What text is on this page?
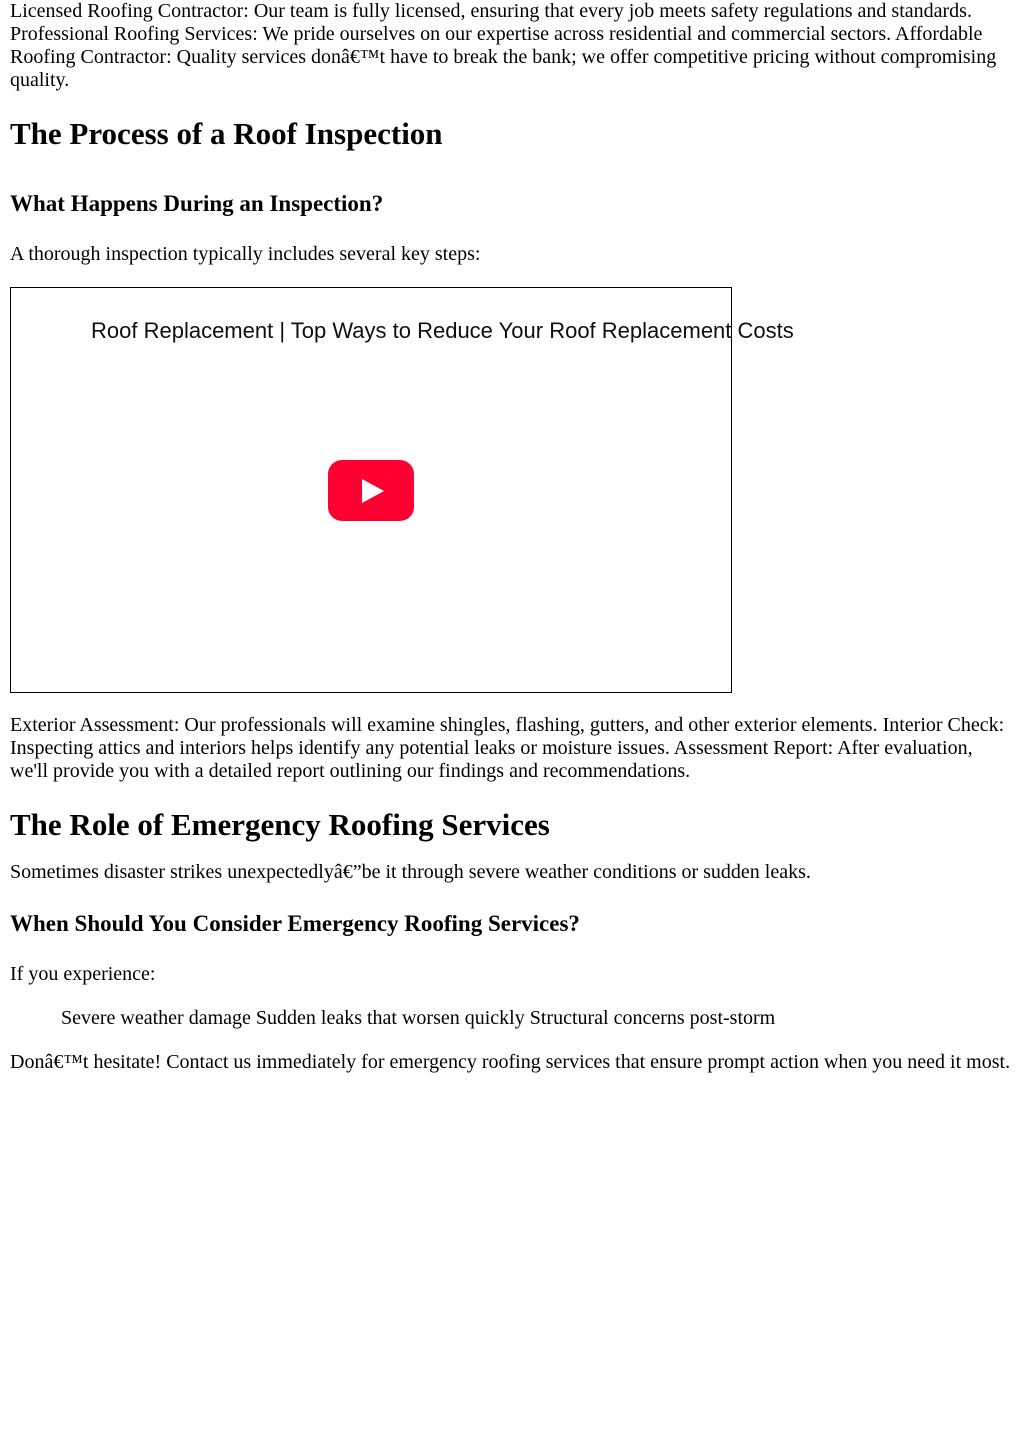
Licensed Roofing Contractor: Our team is fully licensed, ensuring that every job meets safety regulations and standards. Professional Roofing Services: We pride ourselves on our expertise across residential and commercial sectors. Affordable Roofing Contractor: Quality services donâ€™t have to break the bank; we offer competitive pricing without compromising quality.

The Process of a Roof Inspection
What Happens During an Inspection?

A thorough inspection typically includes several key steps:

Roof Replacement | Top Ways to Reduce Your Roof Replacement Costs

Exterior Assessment: Our professionals will examine shingles, flashing, gutters, and other exterior elements. Interior Check: Inspecting attics and interiors helps identify any potential leaks or moisture issues. Assessment Report: After evaluation, we'll provide you with a detailed report outlining our findings and recommendations.

The Role of Emergency Roofing Services

Sometimes disaster strikes unexpectedlyâ€”be it through severe weather conditions or sudden leaks.

When Should You Consider Emergency Roofing Services?

If you experience:

Severe weather damage Sudden leaks that worsen quickly Structural concerns post-storm

Donâ€™t hesitate! Contact us immediately for emergency roofing services that ensure prompt action when you need it most.
